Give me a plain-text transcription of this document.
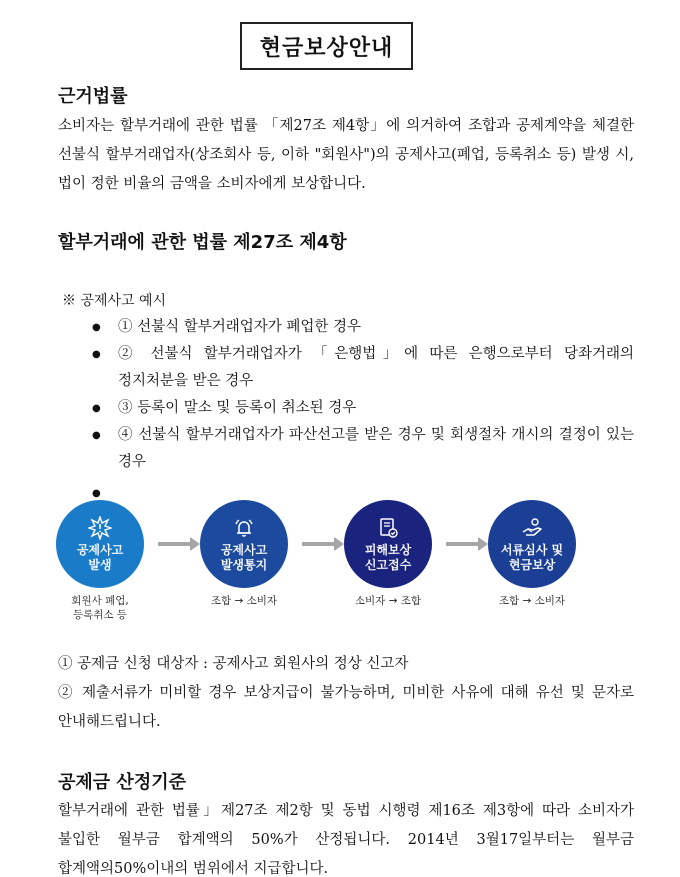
현금보상안내
근거법률

소비자는 할부거래에 관한 법률 「제27조 제4항」에 의거하여 조합과 공제계약을 체결한 선불식 할부거래업자(상조회사 등, 이하 "회원사")의 공제사고(폐업, 등록취소 등) 발생 시, 법이 정한 비율의 금액을 소비자에게 보상합니다.

할부거래에 관한 법률 제27조 제4항
※ 공제사고 예시
● ① 선불식 할부거래업자가 폐업한 경우
● ② 선불식 할부거래업자가 「은행법」에 따른 은행으로부터 당좌거래의 정지처분을 받은 경우
● ③ 등록이 말소 및 등록이 취소된 경우
● ④ 선불식 할부거래업자가 파산선고를 받은 경우 및 회생절차 개시의 결정이 있는 경우
공제사고
발생
회원사 폐업,
등록취소 등
공제사고
발생통지
조합 → 소비자
피해보상
신고접수
소비자 → 조합
서류심사 및
현금보상
조합 → 소비자

① 공제금 신청 대상자 : 공제사고 회원사의 정상 신고자

② 제출서류가 미비할 경우 보상지급이 불가능하며, 미비한 사유에 대해 유선 및 문자로 안내해드립니다.

공제금 산정기준

할부거래에 관한 법률」제27조 제2항 및 동법 시행령 제16조 제3항에 따라 소비자가 불입한 월부금 합계액의 50%가 산정됩니다. 2014년 3월17일부터는 월부금 합계액의50%이내의 범위에서 지급합니다.
